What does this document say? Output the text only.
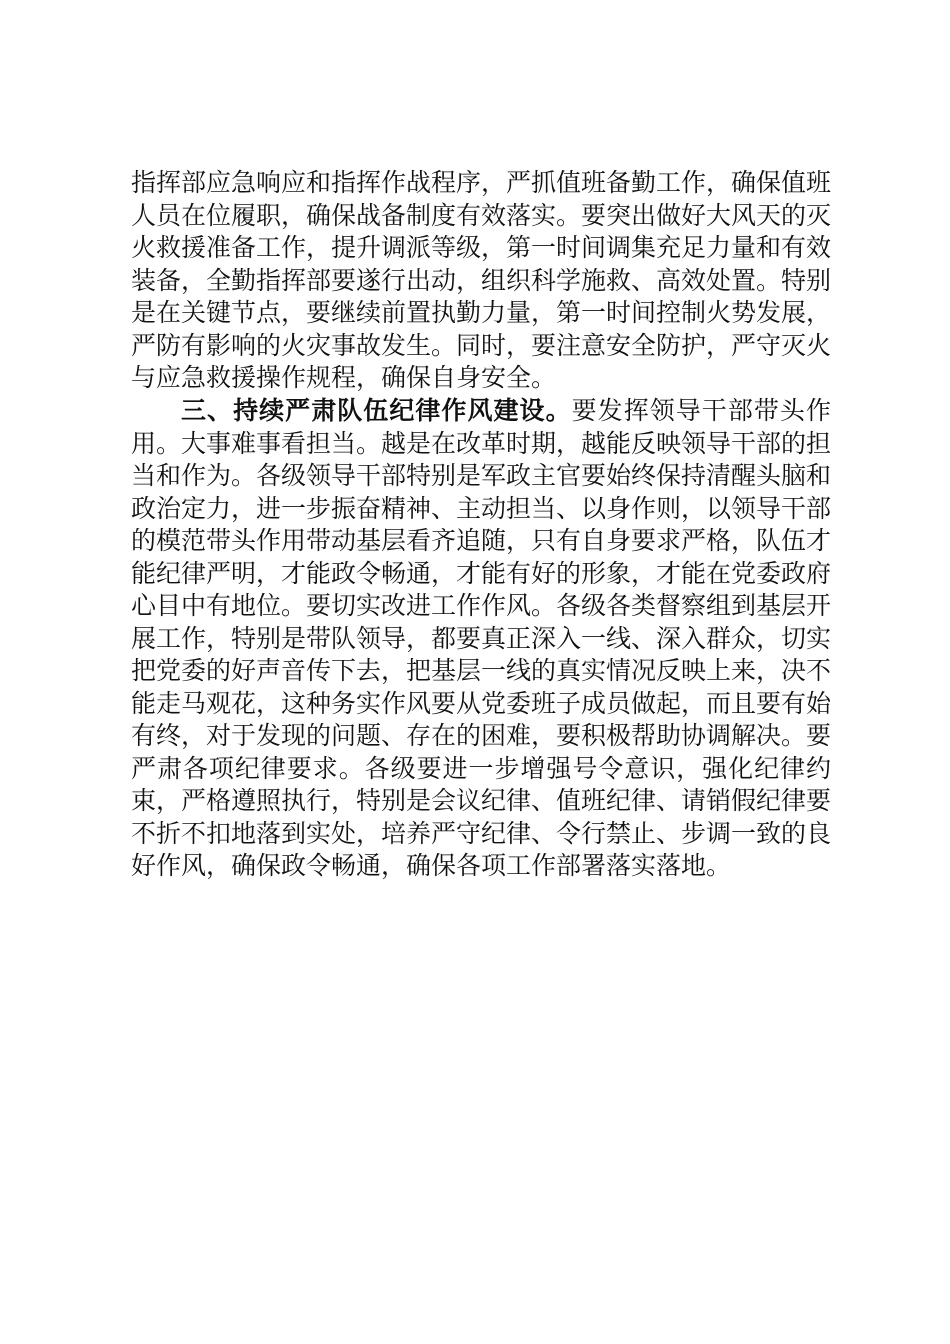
指挥部应急响应和指挥作战程序，严抓值班备勤工作，确保值班人员在位履职，确保战备制度有效落实。要突出做好大风天的灭火救援准备工作，提升调派等级，第一时间调集充足力量和有效装备，全勤指挥部要遂行出动，组织科学施救、高效处置。特别是在关键节点，要继续前置执勤力量，第一时间控制火势发展，严防有影响的火灾事故发生。同时，要注意安全防护，严守灭火与应急救援操作规程，确保自身安全。

三、持续严肃队伍纪律作风建设。要发挥领导干部带头作用。大事难事看担当。越是在改革时期，越能反映领导干部的担当和作为。各级领导干部特别是军政主官要始终保持清醒头脑和政治定力，进一步振奋精神、主动担当、以身作则，以领导干部的模范带头作用带动基层看齐追随，只有自身要求严格，队伍才能纪律严明，才能政令畅通，才能有好的形象，才能在党委政府心目中有地位。要切实改进工作作风。各级各类督察组到基层开展工作，特别是带队领导，都要真正深入一线、深入群众，切实把党委的好声音传下去，把基层一线的真实情况反映上来，决不能走马观花，这种务实作风要从党委班子成员做起，而且要有始有终，对于发现的问题、存在的困难，要积极帮助协调解决。要严肃各项纪律要求。各级要进一步增强号令意识，强化纪律约束，严格遵照执行，特别是会议纪律、值班纪律、请销假纪律要不折不扣地落到实处，培养严守纪律、令行禁止、步调一致的良好作风，确保政令畅通，确保各项工作部署落实落地。
